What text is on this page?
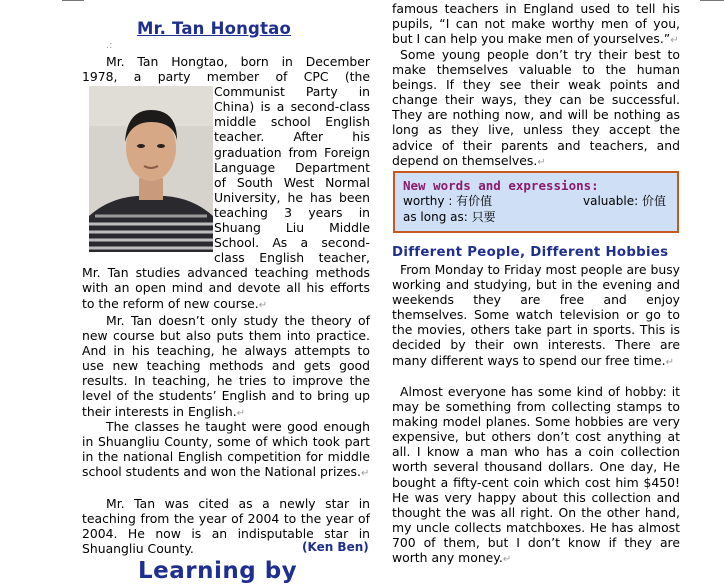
Mr. Tan Hongtao
.:
Mr. Tan Hongtao, born in December
1978, a party member of CPC (the
Communist Party in
China) is a second-class
middle school English
teacher. After his
graduation from Foreign
Language Department
of South West Normal
University, he has been
teaching 3 years in
Shuang Liu Middle
School. As a second-
class English teacher,
Mr. Tan studies advanced teaching methods
with an open mind and devote all his efforts
to the reform of new course.↵

Mr. Tan doesn’t only study the theory of new course but also puts them into practice. And in his teaching, he always attempts to use new teaching methods and gets good results. In teaching, he tries to improve the level of the students’ English and to bring up their interests in English.↵

The classes he taught were good enough in Shuangliu County, some of which took part in the national English competition for middle school students and won the National prizes.↵

Mr. Tan was cited as a newly star in teaching from the year of 2004 to the year of 2004. He now is an indisputable star in Shuangliu County.	(Ken Ben)
Learning by

famous teachers in England used to tell his pupils, “I can not make worthy men of you, but I can help you make men of yourselves.”↵

Some young people don’t try their best to make themselves valuable to the human beings. If they see their weak points and change their ways, they can be successful. They are nothing now, and will be nothing as long as they live, unless they accept the advice of their parents and teachers, and depend on themselves.↵

New words and expressions:
worthy : 有价值	valuable: 价值
as long as: 只要
Different People, Different Hobbies

From Monday to Friday most people are busy working and studying, but in the evening and weekends they are free and enjoy themselves. Some watch television or go to the movies, others take part in sports. This is decided by their own interests. There are many different ways to spend our free time.↵

Almost everyone has some kind of hobby: it may be something from collecting stamps to making model planes. Some hobbies are very expensive, but others don’t cost anything at all. I know a man who has a coin collection worth several thousand dollars. One day, He bought a fifty-cent coin which cost him $450! He was very happy about this collection and thought the was all right. On the other hand, my uncle collects matchboxes. He has almost 700 of them, but I don’t know if they are worth any money.↵
